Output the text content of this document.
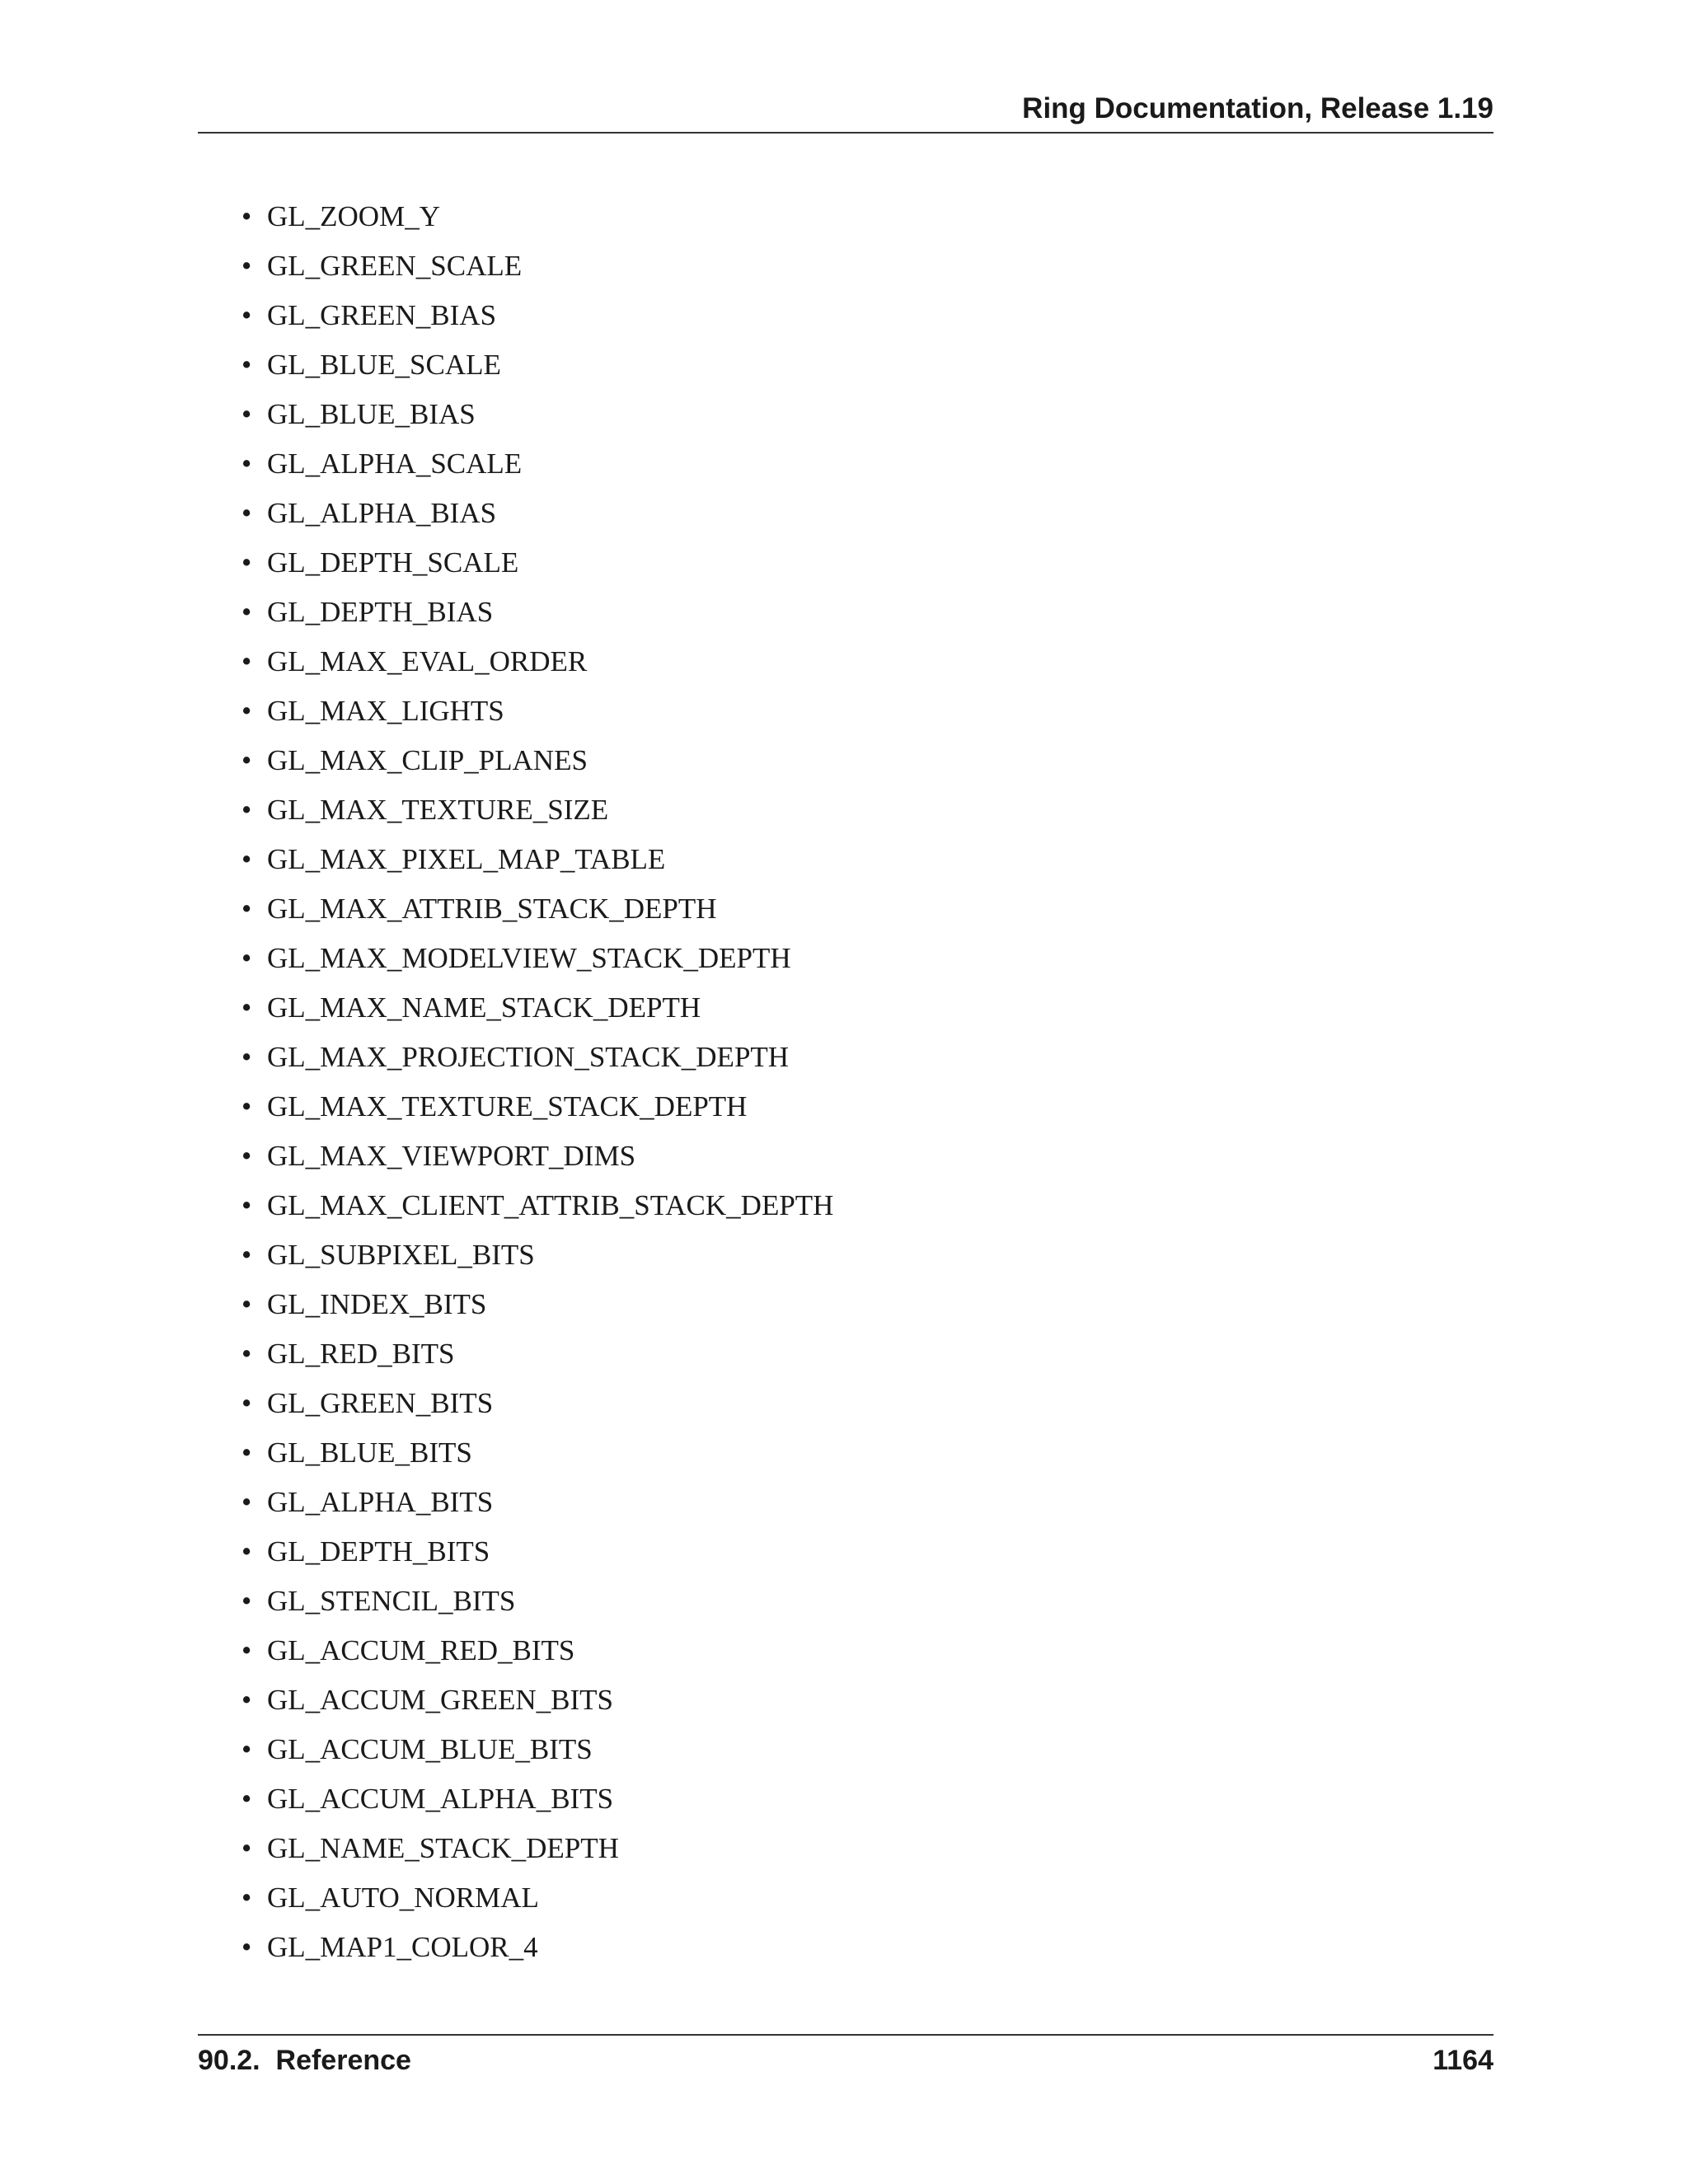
Ring Documentation, Release 1.19
• GL_ZOOM_Y
• GL_GREEN_SCALE
• GL_GREEN_BIAS
• GL_BLUE_SCALE
• GL_BLUE_BIAS
• GL_ALPHA_SCALE
• GL_ALPHA_BIAS
• GL_DEPTH_SCALE
• GL_DEPTH_BIAS
• GL_MAX_EVAL_ORDER
• GL_MAX_LIGHTS
• GL_MAX_CLIP_PLANES
• GL_MAX_TEXTURE_SIZE
• GL_MAX_PIXEL_MAP_TABLE
• GL_MAX_ATTRIB_STACK_DEPTH
• GL_MAX_MODELVIEW_STACK_DEPTH
• GL_MAX_NAME_STACK_DEPTH
• GL_MAX_PROJECTION_STACK_DEPTH
• GL_MAX_TEXTURE_STACK_DEPTH
• GL_MAX_VIEWPORT_DIMS
• GL_MAX_CLIENT_ATTRIB_STACK_DEPTH
• GL_SUBPIXEL_BITS
• GL_INDEX_BITS
• GL_RED_BITS
• GL_GREEN_BITS
• GL_BLUE_BITS
• GL_ALPHA_BITS
• GL_DEPTH_BITS
• GL_STENCIL_BITS
• GL_ACCUM_RED_BITS
• GL_ACCUM_GREEN_BITS
• GL_ACCUM_BLUE_BITS
• GL_ACCUM_ALPHA_BITS
• GL_NAME_STACK_DEPTH
• GL_AUTO_NORMAL
• GL_MAP1_COLOR_4
90.2.  Reference	1164
